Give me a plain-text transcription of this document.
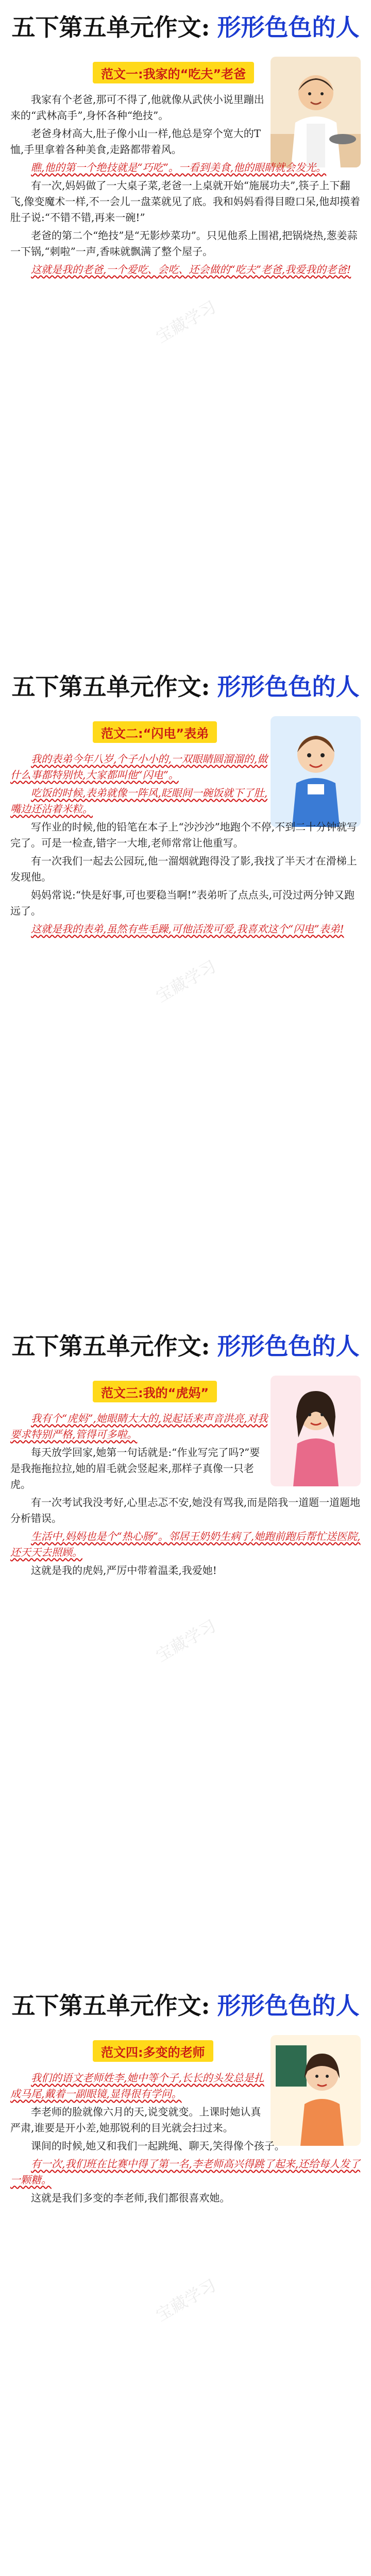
五下第五单元作文: 形形色色的人
范文一:我家的“吃夫”老爸

我家有个老爸,那可不得了,他就像从武侠小说里蹦出来的“武林高手”,身怀各种“绝技”。

老爸身材高大,肚子像小山一样,他总是穿个宽大的T恤,手里拿着各种美食,走路都带着风。

瞧,他的第一个绝技就是“巧吃”。一看到美食,他的眼睛就会发光。

有一次,妈妈做了一大桌子菜,老爸一上桌就开始“施展功夫”,筷子上下翻飞,像变魔术一样,不一会儿一盘菜就见了底。我和妈妈看得目瞪口呆,他却摸着肚子说:“不错不错,再来一碗!”

老爸的第二个“绝技”是“无影炒菜功”。只见他系上围裙,把锅烧热,葱姜蒜一下锅,“刺啦”一声,香味就飘满了整个屋子。

这就是我的老爸,一个爱吃、会吃、还会做的“吃夫”老爸,我爱我的老爸!

宝藏学习
五下第五单元作文: 形形色色的人
范文二:“闪电”表弟

我的表弟今年八岁,个子小小的,一双眼睛圆溜溜的,做什么事都特别快,大家都叫他“闪电”。

吃饭的时候,表弟就像一阵风,眨眼间一碗饭就下了肚,嘴边还沾着米粒。

写作业的时候,他的铅笔在本子上“沙沙沙”地跑个不停,不到二十分钟就写完了。可是一检查,错字一大堆,老师常常让他重写。

有一次我们一起去公园玩,他一溜烟就跑得没了影,我找了半天才在滑梯上发现他。

妈妈常说:“快是好事,可也要稳当啊!”表弟听了点点头,可没过两分钟又跑远了。

这就是我的表弟,虽然有些毛躁,可他活泼可爱,我喜欢这个“闪电”表弟!

宝藏学习
五下第五单元作文: 形形色色的人
范文三:我的“虎妈”

我有个“虎妈”,她眼睛大大的,说起话来声音洪亮,对我要求特别严格,管得可多啦。

每天放学回家,她第一句话就是:“作业写完了吗?”要是我拖拖拉拉,她的眉毛就会竖起来,那样子真像一只老虎。

有一次考试我没考好,心里忐忑不安,她没有骂我,而是陪我一道题一道题地分析错误。

生活中,妈妈也是个“热心肠”。邻居王奶奶生病了,她跑前跑后帮忙送医院,还天天去照顾。

这就是我的虎妈,严厉中带着温柔,我爱她!

宝藏学习
五下第五单元作文: 形形色色的人
范文四:多变的老师

我们的语文老师姓李,她中等个子,长长的头发总是扎成马尾,戴着一副眼镜,显得很有学问。

李老师的脸就像六月的天,说变就变。上课时她认真严肃,谁要是开小差,她那锐利的目光就会扫过来。

课间的时候,她又和我们一起跳绳、聊天,笑得像个孩子。

有一次,我们班在比赛中得了第一名,李老师高兴得跳了起来,还给每人发了一颗糖。

这就是我们多变的李老师,我们都很喜欢她。

宝藏学习
